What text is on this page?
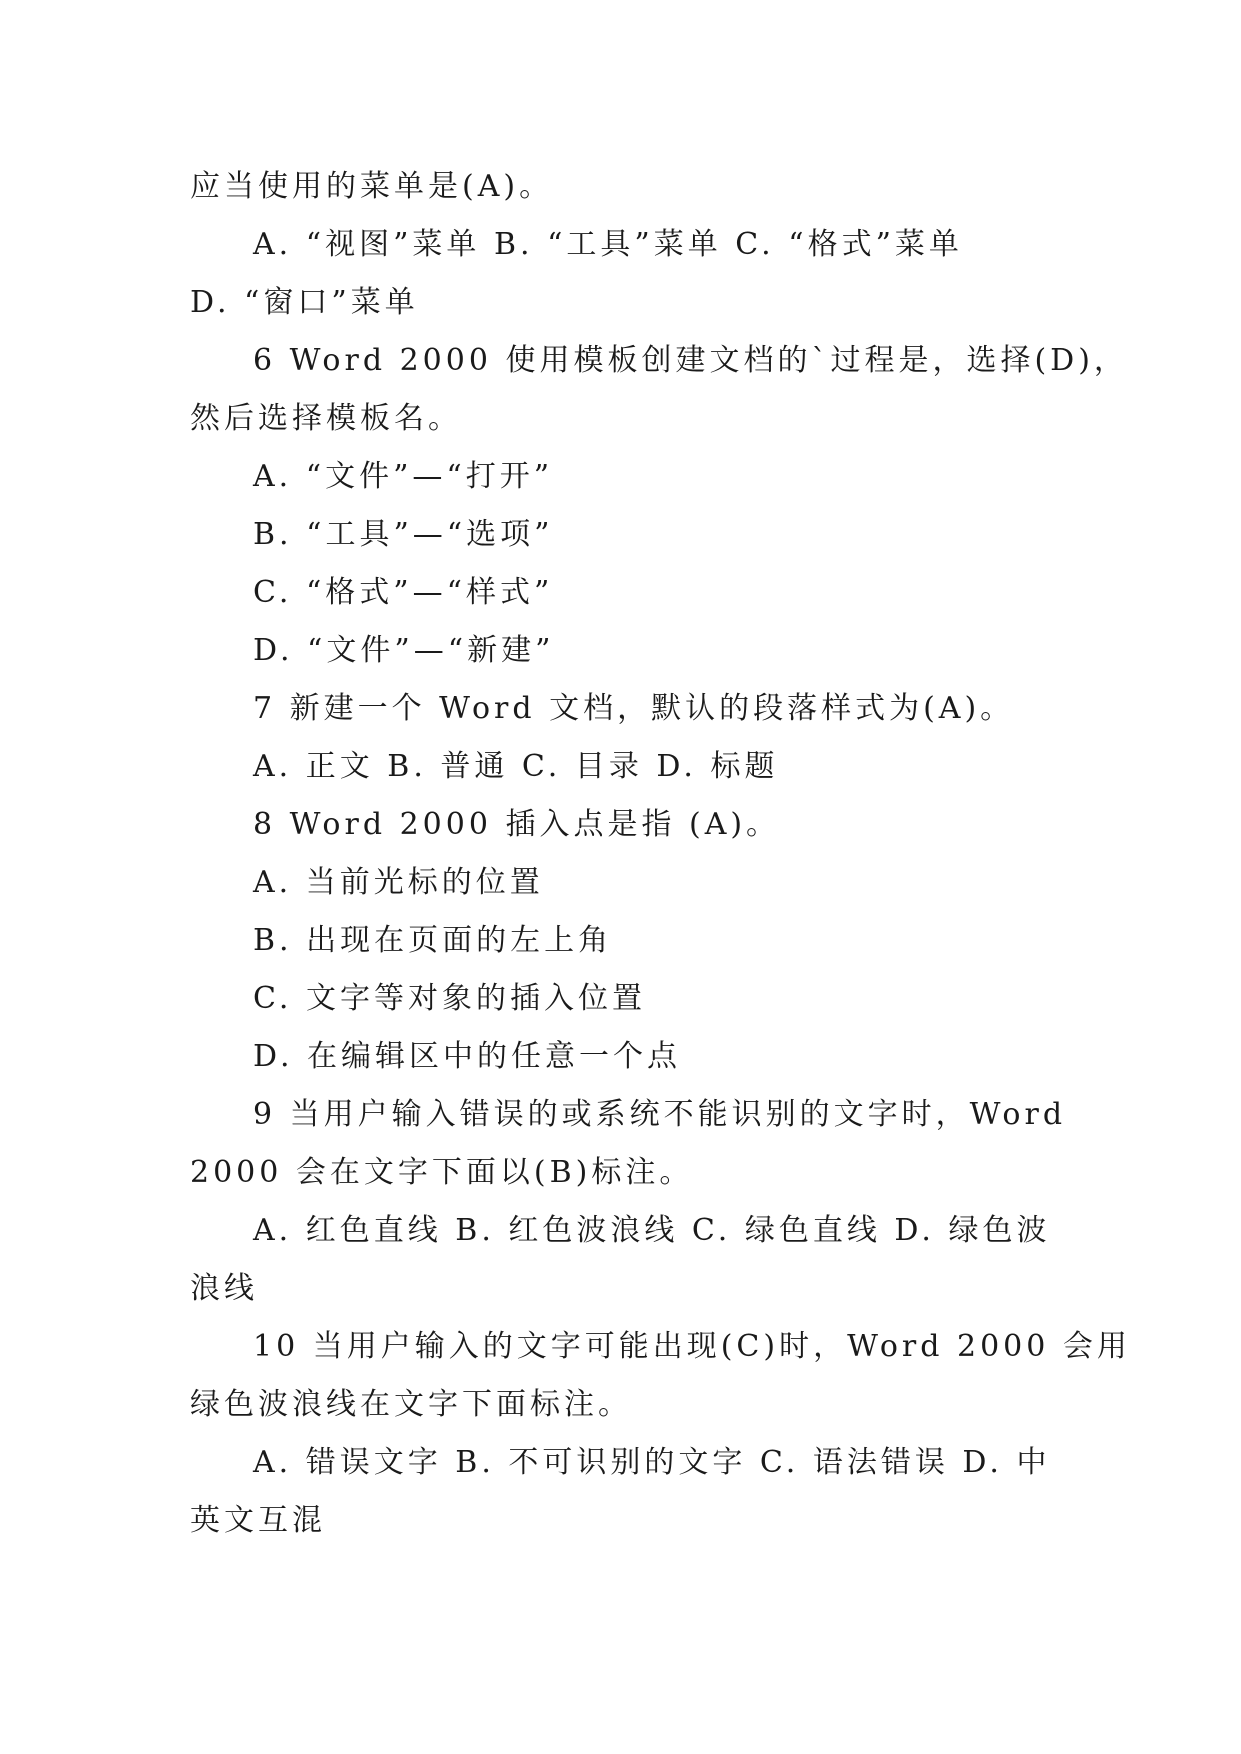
应当使用的菜单是(A)。
A. “视图”菜单 B. “工具”菜单 C. “格式”菜单
D. “窗口”菜单
6 Word 2000 使用模板创建文档的`过程是，选择(D)，
然后选择模板名。
A. “文件”—“打开”
B. “工具”—“选项”
C. “格式”—“样式”
D. “文件”—“新建”
7 新建一个 Word 文档，默认的段落样式为(A)。
A. 正文 B. 普通 C. 目录 D. 标题
8 Word 2000 插入点是指 (A)。
A. 当前光标的位置
B. 出现在页面的左上角
C. 文字等对象的插入位置
D. 在编辑区中的任意一个点
9 当用户输入错误的或系统不能识别的文字时，Word
2000 会在文字下面以(B)标注。
A. 红色直线 B. 红色波浪线 C. 绿色直线 D. 绿色波
浪线
10 当用户输入的文字可能出现(C)时，Word 2000 会用
绿色波浪线在文字下面标注。
A. 错误文字 B. 不可识别的文字 C. 语法错误 D. 中
英文互混
